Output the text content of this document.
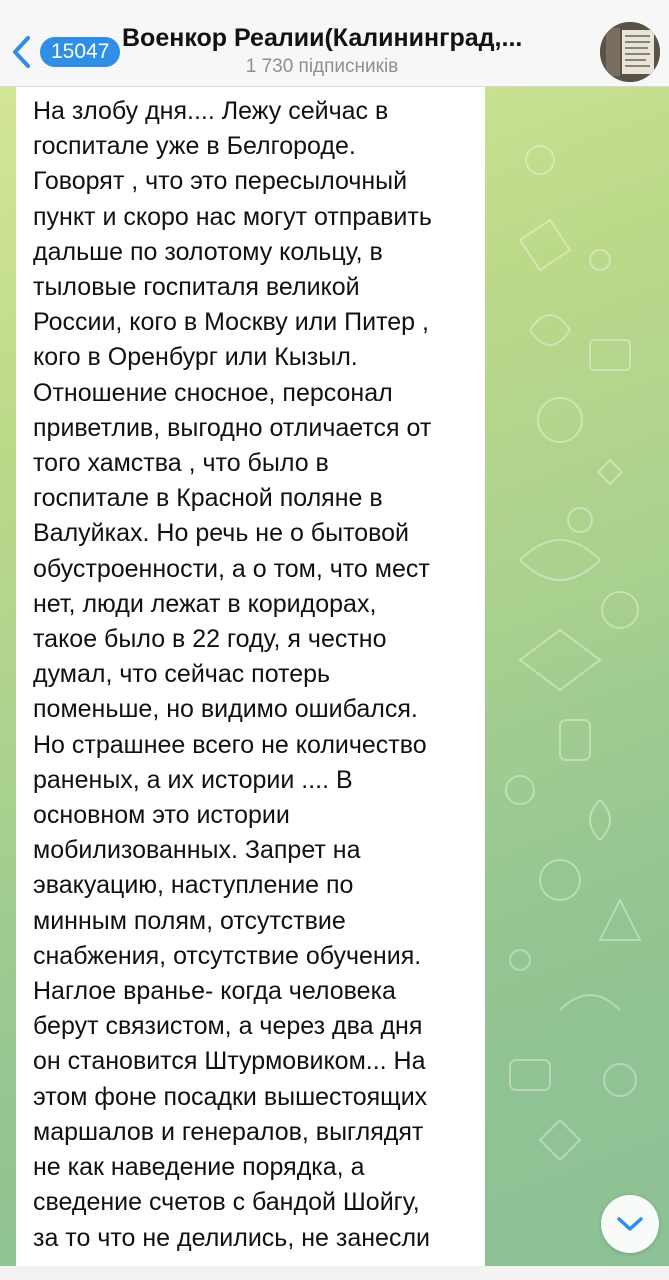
15047 Военкор Реалии(Калининград,...
1 730 підписників

На злобу дня.... Лежу сейчас в
госпитале уже в Белгороде.
Говорят , что это пересылочный
пункт и скоро нас могут отправить
дальше по золотому кольцу, в
тыловые госпиталя великой
России, кого в Москву или Питер ,
кого в Оренбург или Кызыл.
Отношение сносное, персонал
приветлив, выгодно отличается от
того хамства , что было в
госпитале в Красной поляне в
Валуйках. Но речь не о бытовой
обустроенности, а о том, что мест
нет, люди лежат в коридорах,
такое было в 22 году, я честно
думал, что сейчас потерь
поменьше, но видимо ошибался.
Но страшнее всего не количество
раненых, а их истории .... В
основном это истории
мобилизованных. Запрет на
эвакуацию, наступление по
минным полям, отсутствие
снабжения, отсутствие обучения.
Наглое вранье- когда человека
берут связистом, а через два дня
он становится Штурмовиком... На
этом фоне посадки вышестоящих
маршалов и генералов, выглядят
не как наведение порядка, а
сведение счетов с бандой Шойгу,
за то что не делились, не занесли
